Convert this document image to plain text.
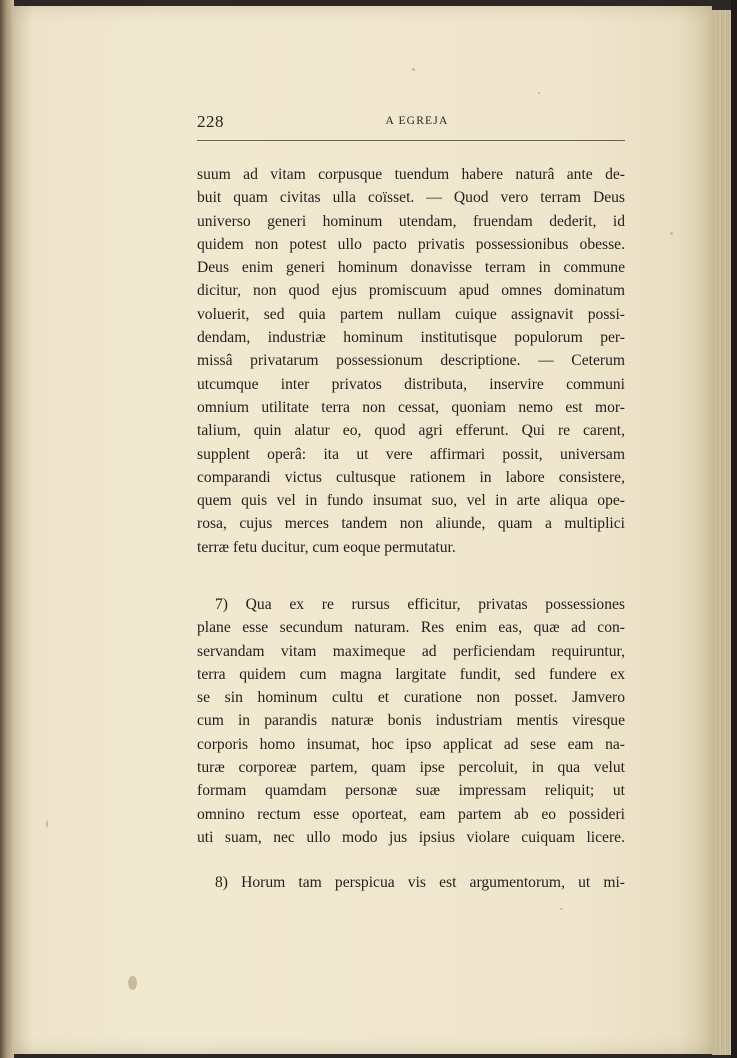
228	A EGREJA
suum ad vitam corpusque tuendum habere naturâ ante de-
buit quam civitas ulla coïsset. — Quod vero terram Deus
universo generi hominum utendam, fruendam dederit, id
quidem non potest ullo pacto privatis possessionibus obesse.
Deus enim generi hominum donavisse terram in commune
dicitur, non quod ejus promiscuum apud omnes dominatum
voluerit, sed quia partem nullam cuique assignavit possi-
dendam, industriæ hominum institutisque populorum per-
missâ privatarum possessionum descriptione. — Ceterum
utcumque inter privatos distributa, inservire communi
omnium utilitate terra non cessat, quoniam nemo est mor-
talium, quin alatur eo, quod agri efferunt. Qui re carent,
supplent operâ: ita ut vere affirmari possit, universam
comparandi victus cultusque rationem in labore consistere,
quem quis vel in fundo insumat suo, vel in arte aliqua ope-
rosa, cujus merces tandem non aliunde, quam a multiplici
terræ fetu ducitur, cum eoque permutatur.
7) Qua ex re rursus efficitur, privatas possessiones
plane esse secundum naturam. Res enim eas, quæ ad con-
servandam vitam maximeque ad perficiendam requiruntur,
terra quidem cum magna largitate fundit, sed fundere ex
se sin hominum cultu et curatione non posset. Jamvero
cum in parandis naturæ bonis industriam mentis viresque
corporis homo insumat, hoc ipso applicat ad sese eam na-
turæ corporeæ partem, quam ipse percoluit, in qua velut
formam quamdam personæ suæ impressam reliquit; ut
omnino rectum esse oporteat, eam partem ab eo possideri
uti suam, nec ullo modo jus ipsius violare cuiquam licere.
8) Horum tam perspicua vis est argumentorum, ut mi-
